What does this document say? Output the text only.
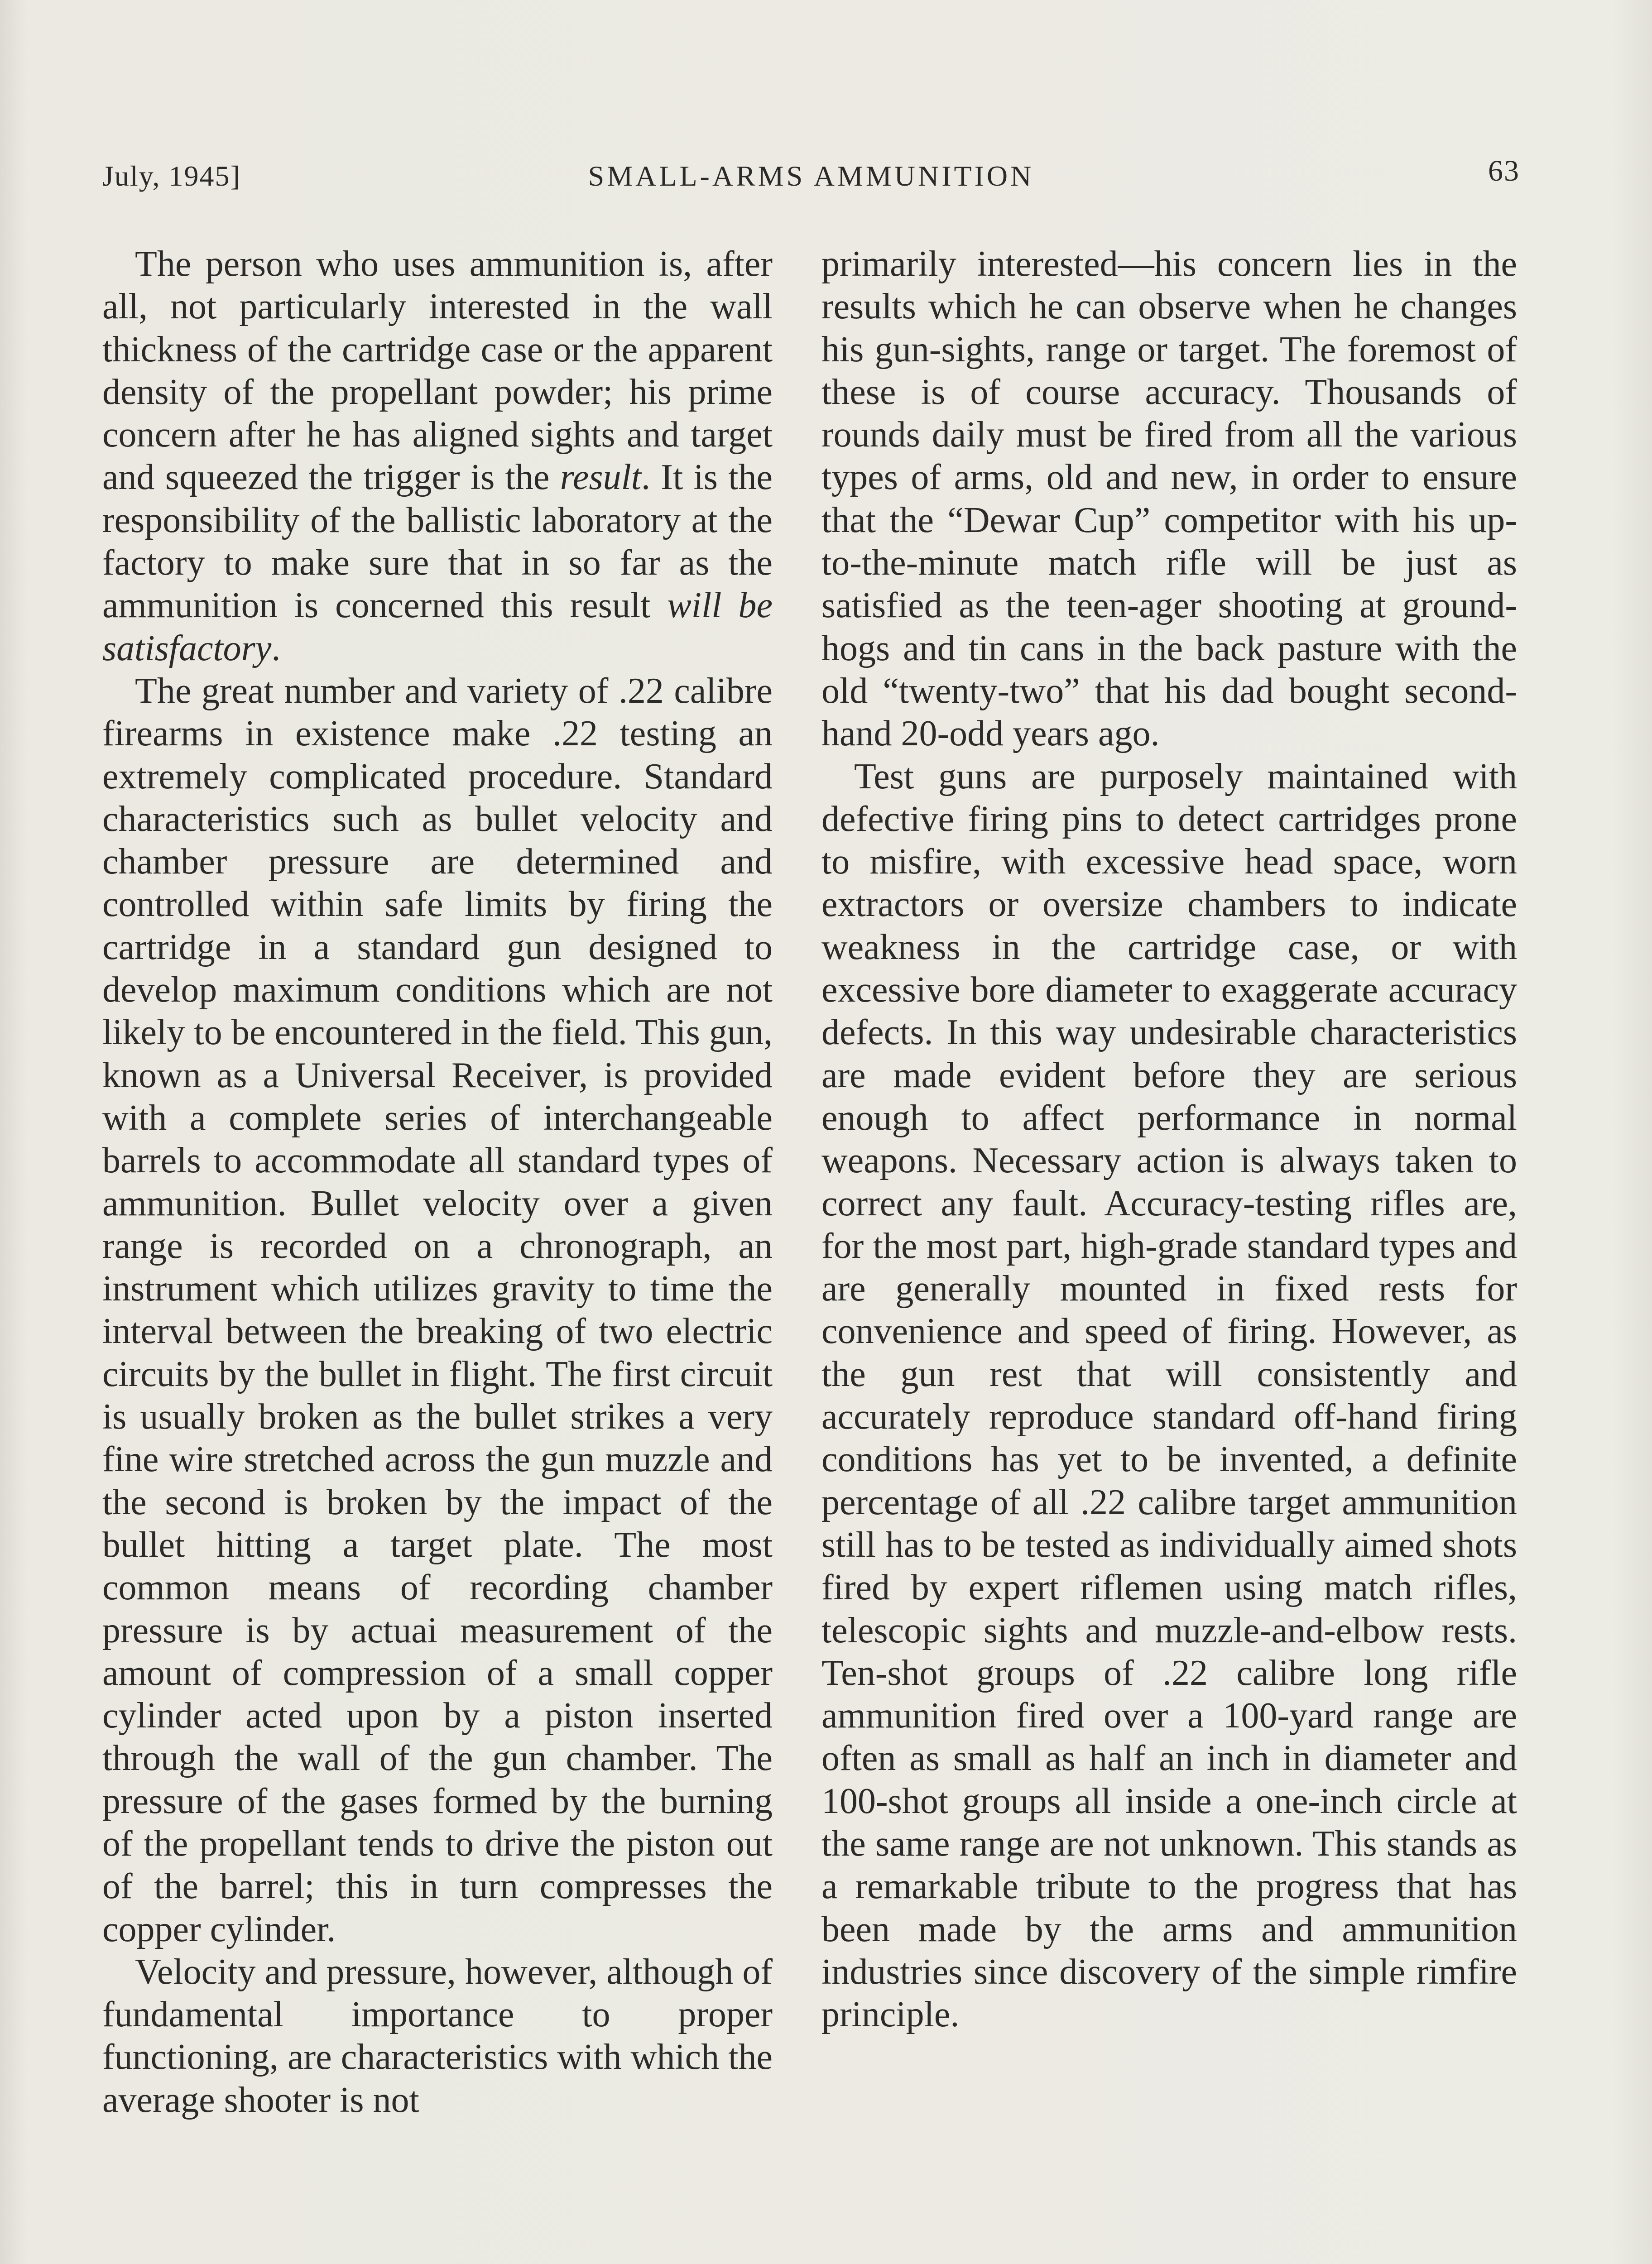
July, 1945]	SMALL-ARMS AMMUNITION	63

The person who uses ammunition is, after all, not particularly interested in the wall thickness of the cartridge case or the apparent density of the propellant powder; his prime concern after he has aligned sights and target and squeezed the trigger is the result. It is the responsibility of the ballistic laboratory at the factory to make sure that in so far as the ammunition is concerned this result will be satisfactory.

The great number and variety of .22 calibre firearms in existence make .22 testing an extremely complicated procedure. Standard characteristics such as bullet velocity and chamber pressure are determined and controlled within safe limits by firing the cartridge in a standard gun designed to develop maximum conditions which are not likely to be encountered in the field. This gun, known as a Universal Receiver, is provided with a complete series of interchangeable barrels to accommodate all standard types of ammunition. Bullet velocity over a given range is recorded on a chronograph, an instrument which utilizes gravity to time the interval between the breaking of two electric circuits by the bullet in flight. The first circuit is usually broken as the bullet strikes a very fine wire stretched across the gun muzzle and the second is broken by the impact of the bullet hitting a target plate. The most common means of recording chamber pressure is by actuai measurement of the amount of compression of a small copper cylinder acted upon by a piston inserted through the wall of the gun chamber. The pressure of the gases formed by the burning of the propellant tends to drive the piston out of the barrel; this in turn compresses the copper cylinder.

Velocity and pressure, however, although of fundamental importance to proper functioning, are characteristics with which the average shooter is not

primarily interested—his concern lies in the results which he can observe when he changes his gun-sights, range or target. The foremost of these is of course accuracy. Thousands of rounds daily must be fired from all the various types of arms, old and new, in order to ensure that the “Dewar Cup” competitor with his up-to-the-minute match rifle will be just as satisfied as the teen-ager shooting at ground-hogs and tin cans in the back pasture with the old “twenty-two” that his dad bought second-hand 20-odd years ago.

Test guns are purposely maintained with defective firing pins to detect cartridges prone to misfire, with excessive head space, worn extractors or oversize chambers to indicate weakness in the cartridge case, or with excessive bore diameter to exaggerate accuracy defects. In this way undesirable characteristics are made evident before they are serious enough to affect performance in normal weapons. Necessary action is always taken to correct any fault. Accuracy-testing rifles are, for the most part, high-grade standard types and are generally mounted in fixed rests for convenience and speed of firing. However, as the gun rest that will consistently and accurately reproduce standard off-hand firing conditions has yet to be invented, a definite percentage of all .22 calibre target ammunition still has to be tested as individually aimed shots fired by expert riflemen using match rifles, telescopic sights and muzzle-and-elbow rests. Ten-shot groups of .22 calibre long rifle ammunition fired over a 100-yard range are often as small as half an inch in diameter and 100-shot groups all inside a one-inch circle at the same range are not unknown. This stands as a remarkable tribute to the progress that has been made by the arms and ammunition industries since discovery of the simple rimfire principle.
